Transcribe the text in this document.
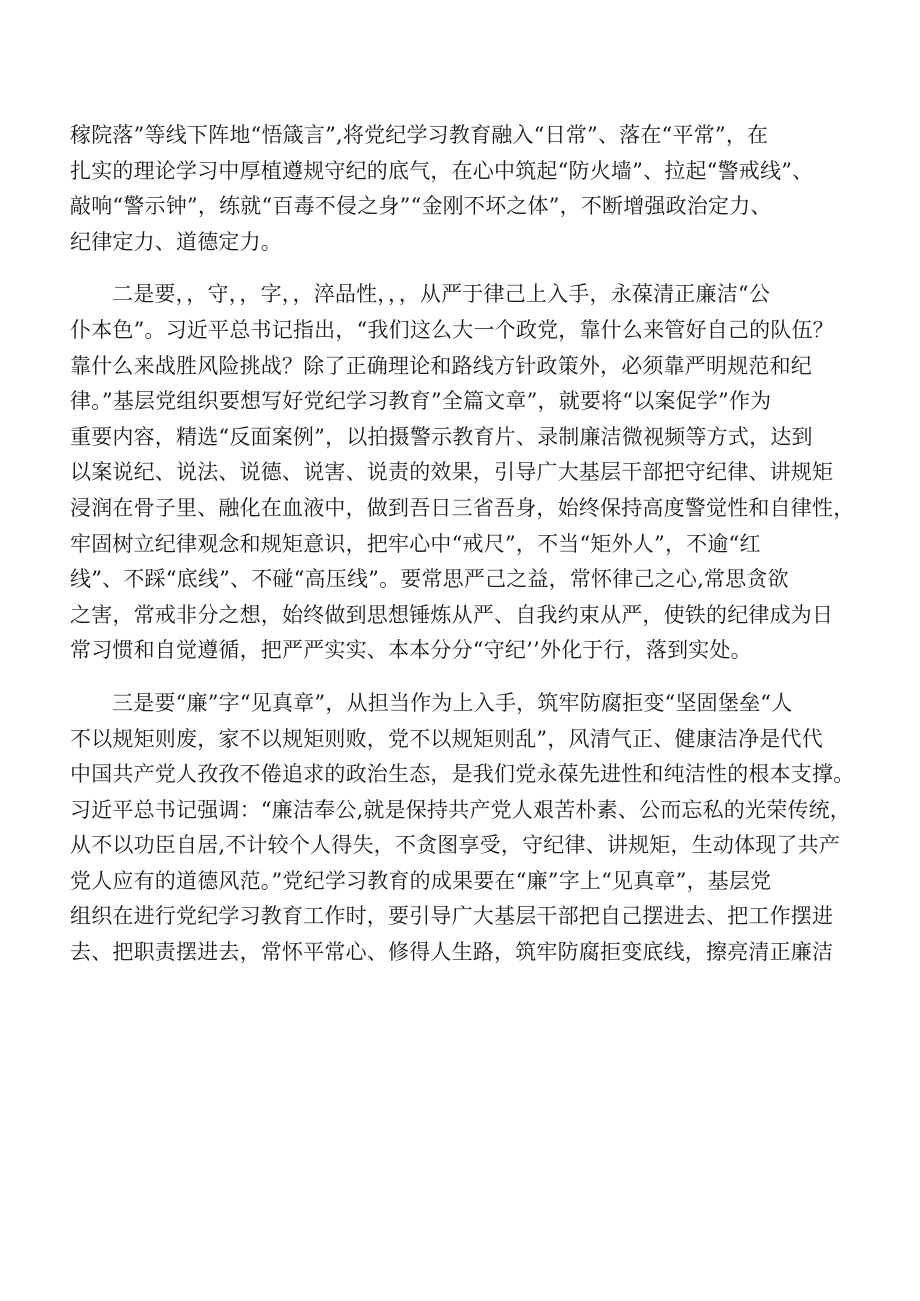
稼院落”等线下阵地“悟箴言”,将党纪学习教育融入“日常”、落在“平常”，在
扎实的理论学习中厚植遵规守纪的底气，在心中筑起“防火墙”、拉起“警戒线”、
敲响“警示钟”，练就“百毒不侵之身”“金刚不坏之体”，不断增强政治定力、
纪律定力、道德定力。

二是要，，守，，字，，淬品性，，，从严于律己上入手，永葆清正廉洁“公
仆本色”。习近平总书记指出，“我们这么大一个政党，靠什么来管好自己的队伍？
靠什么来战胜风险挑战？除了正确理论和路线方针政策外，必须靠严明规范和纪
律。”基层党组织要想写好党纪学习教育”全篇文章”，就要将“以案促学”作为
重要内容，精选“反面案例”，以拍摄警示教育片、录制廉洁微视频等方式，达到
以案说纪、说法、说德、说害、说责的效果，引导广大基层干部把守纪律、讲规矩
浸润在骨子里、融化在血液中，做到吾日三省吾身，始终保持高度警觉性和自律性，
牢固树立纪律观念和规矩意识，把牢心中“戒尺”，不当“矩外人”，不逾“红
线”、不踩“底线”、不碰“高压线”。要常思严己之益，常怀律己之心,常思贪欲
之害，常戒非分之想，始终做到思想锤炼从严、自我约束从严，使铁的纪律成为日
常习惯和自觉遵循，把严严实实、本本分分“守纪’’外化于行，落到实处。

三是要“廉”字“见真章”，从担当作为上入手，筑牢防腐拒变“坚固堡垒“人
不以规矩则废，家不以规矩则败，党不以规矩则乱”，风清气正、健康洁净是代代
中国共产党人孜孜不倦追求的政治生态，是我们党永葆先进性和纯洁性的根本支撑。
习近平总书记强调：“廉洁奉公,就是保持共产党人艰苦朴素、公而忘私的光荣传统，
从不以功臣自居,不计较个人得失，不贪图享受，守纪律、讲规矩，生动体现了共产
党人应有的道德风范。”党纪学习教育的成果要在“廉”字上“见真章”，基层党
组织在进行党纪学习教育工作时，要引导广大基层干部把自己摆进去、把工作摆进
去、把职责摆进去，常怀平常心、修得人生路，筑牢防腐拒变底线，擦亮清正廉洁
